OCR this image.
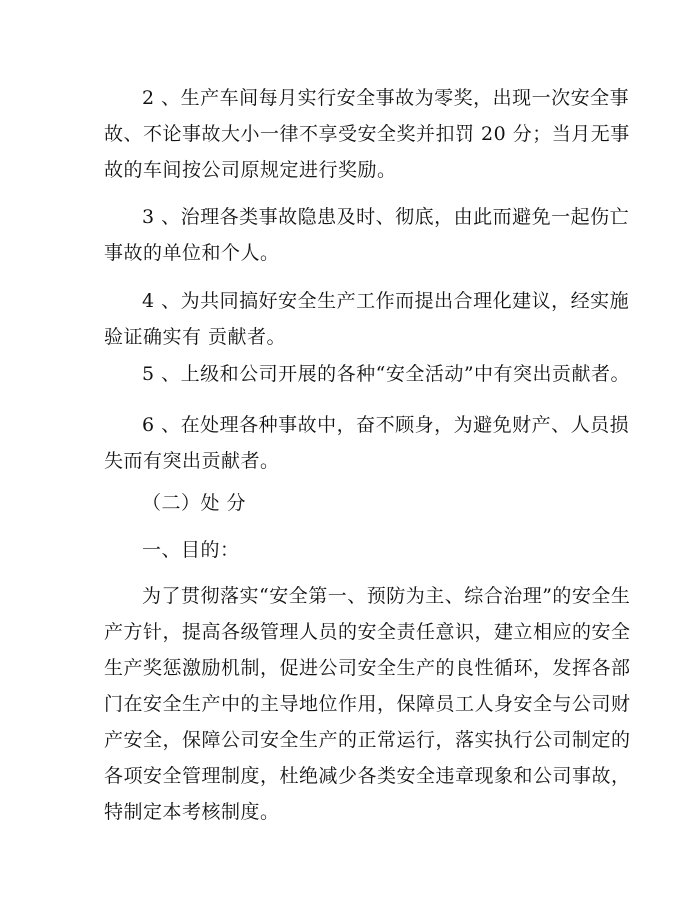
2 、生产车间每月实行安全事故为零奖，出现一次安全事
故、不论事故大小一律不享受安全奖并扣罚 20 分；当月无事
故的车间按公司原规定进行奖励。

3 、治理各类事故隐患及时、彻底，由此而避免一起伤亡
事故的单位和个人。

4 、为共同搞好安全生产工作而提出合理化建议，经实施
验证确实有 贡献者。

5 、上级和公司开展的各种“安全活动”中有突出贡献者。

6 、在处理各种事故中，奋不顾身，为避免财产、人员损
失而有突出贡献者。

（二）处 分

一、目的：

为了贯彻落实“安全第一、预防为主、综合治理”的安全生
产方针，提高各级管理人员的安全责任意识，建立相应的安全
生产奖惩激励机制，促进公司安全生产的良性循环，发挥各部
门在安全生产中的主导地位作用，保障员工人身安全与公司财
产安全，保障公司安全生产的正常运行，落实执行公司制定的
各项安全管理制度，杜绝减少各类安全违章现象和公司事故，
特制定本考核制度。
